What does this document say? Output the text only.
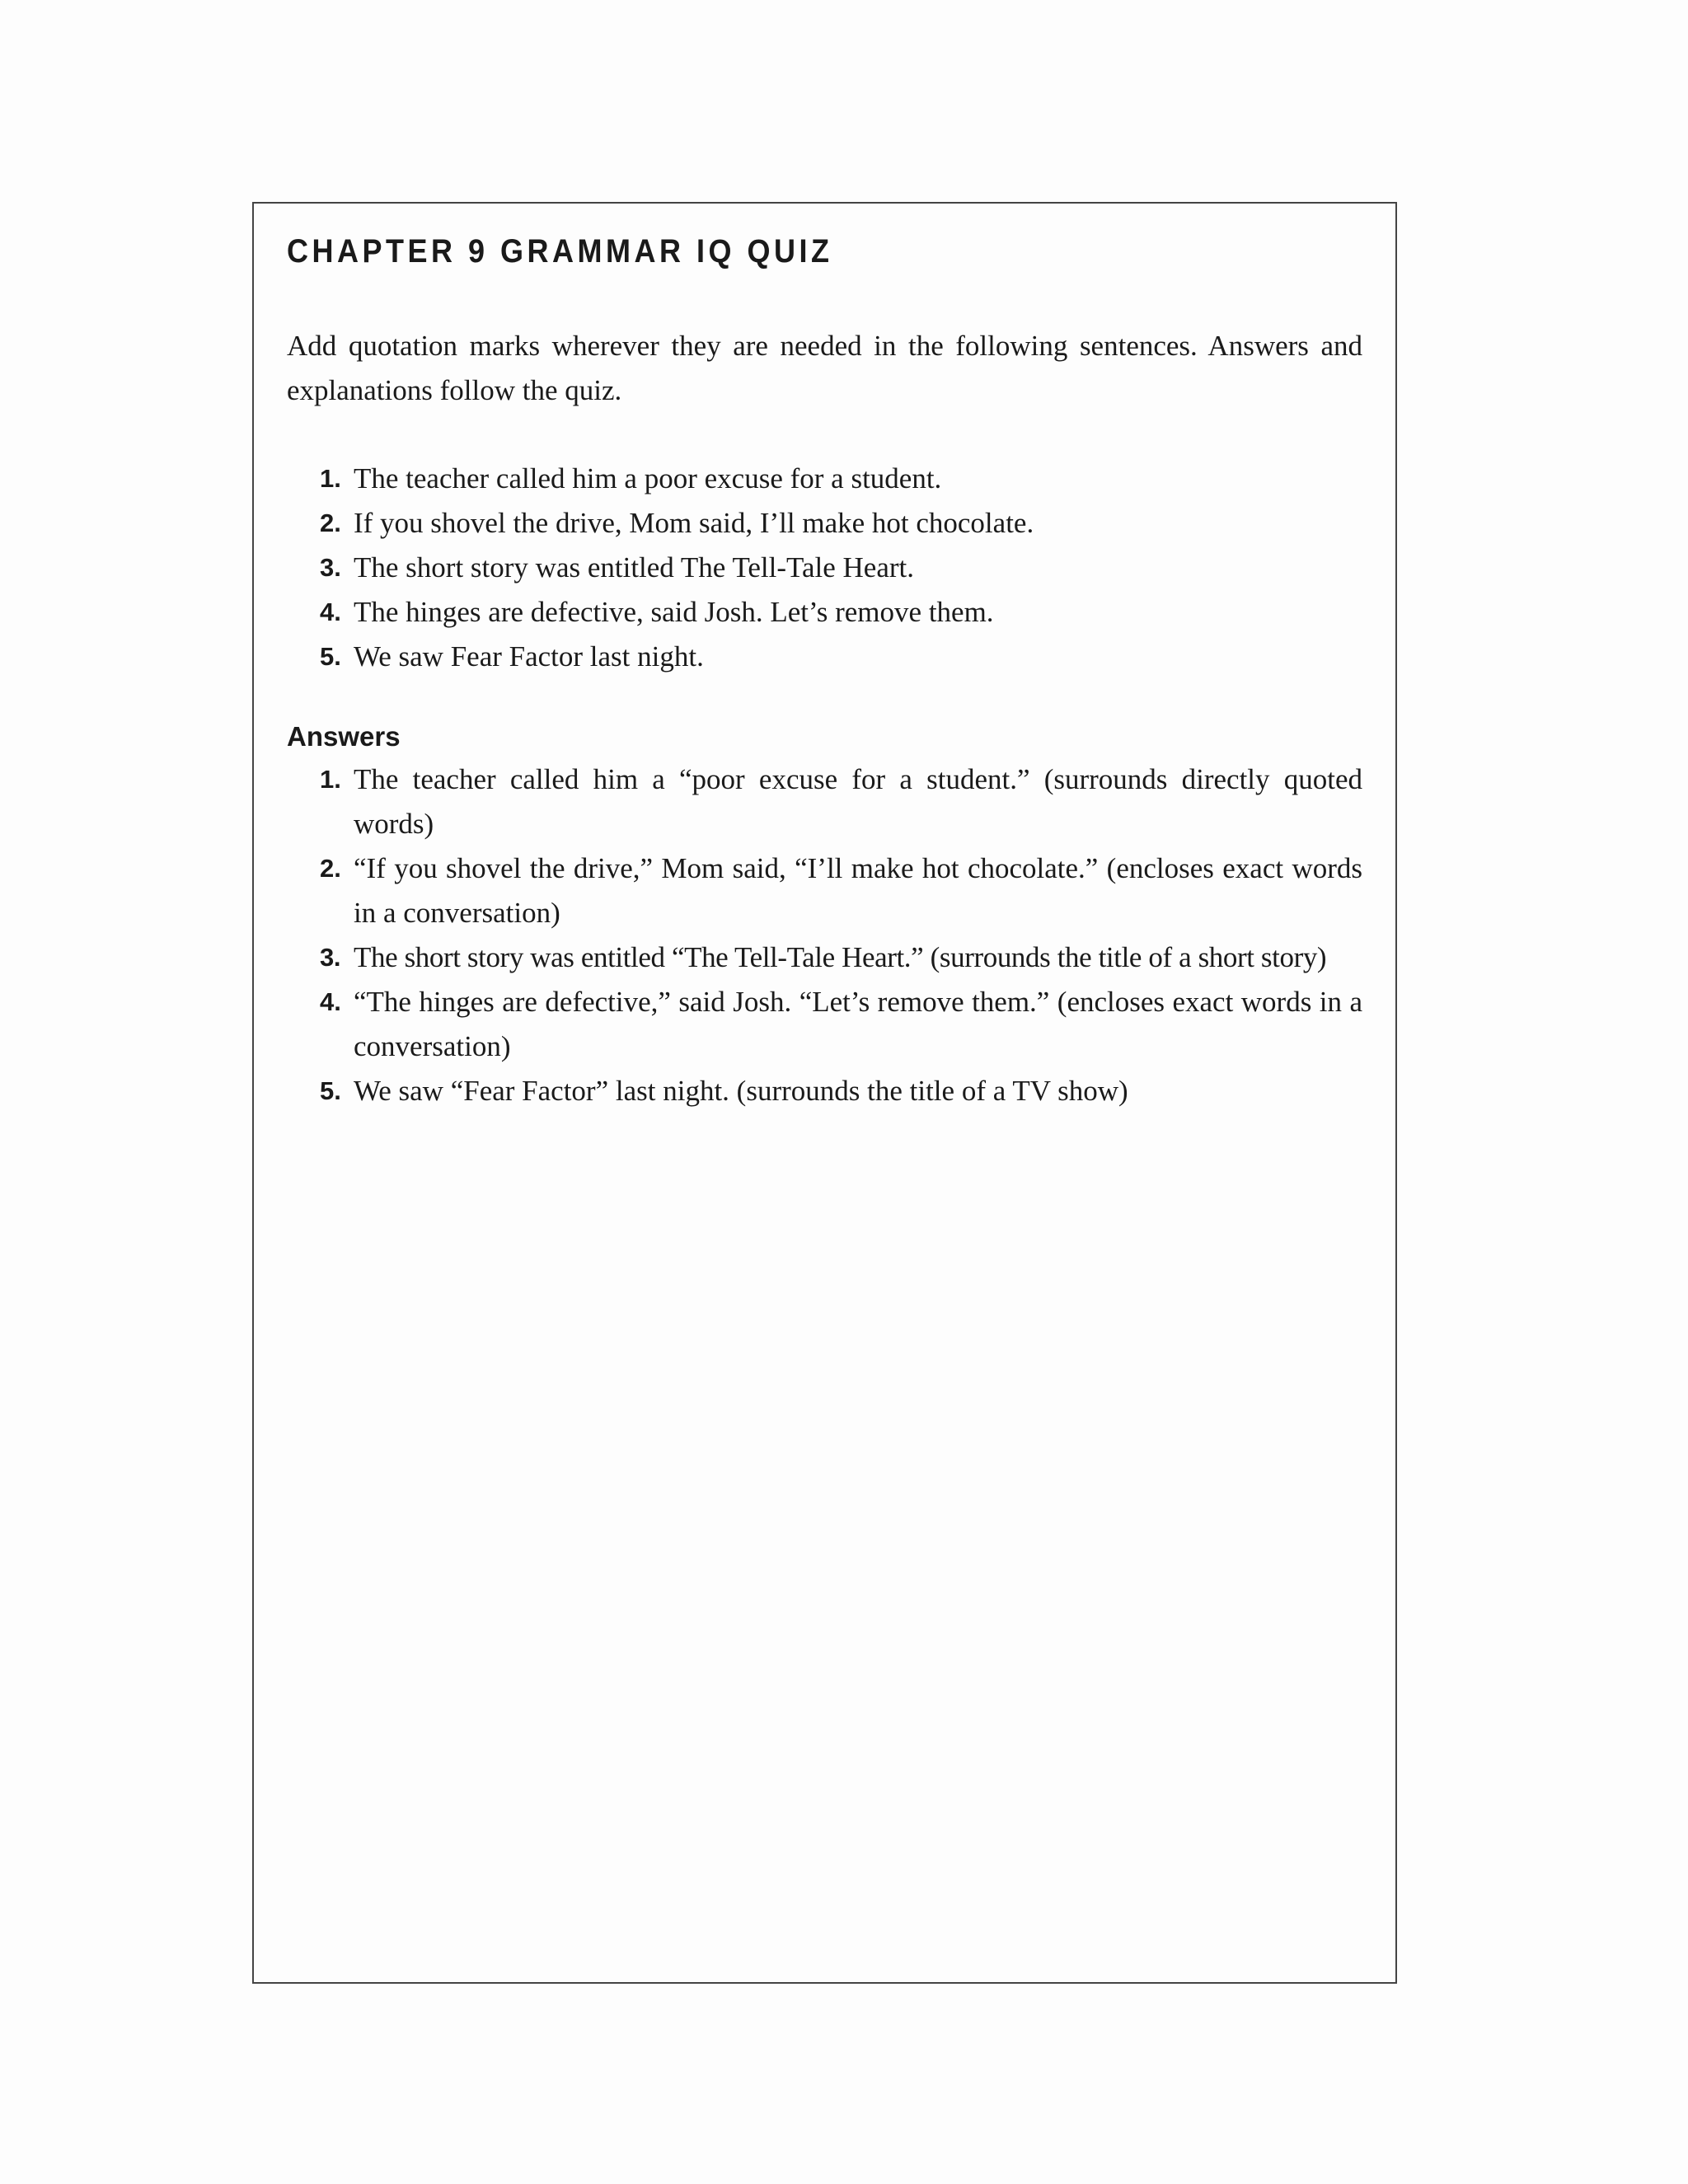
CHAPTER 9 GRAMMAR IQ QUIZ

Add quotation marks wherever they are needed in the following sentences. Answers and explanations follow the quiz.

1. The teacher called him a poor excuse for a student.
2. If you shovel the drive, Mom said, I’ll make hot chocolate.
3. The short story was entitled The Tell-Tale Heart.
4. The hinges are defective, said Josh. Let’s remove them.
5. We saw Fear Factor last night.
Answers
1. The teacher called him a “poor excuse for a student.” (surrounds directly quoted words)
2. “If you shovel the drive,” Mom said, “I’ll make hot chocolate.” (encloses exact words in a conversation)
3. The short story was entitled “The Tell-Tale Heart.” (surrounds the title of a short story)
4. “The hinges are defective,” said Josh. “Let’s remove them.” (encloses exact words in a conversation)
5. We saw “Fear Factor” last night. (surrounds the title of a TV show)
